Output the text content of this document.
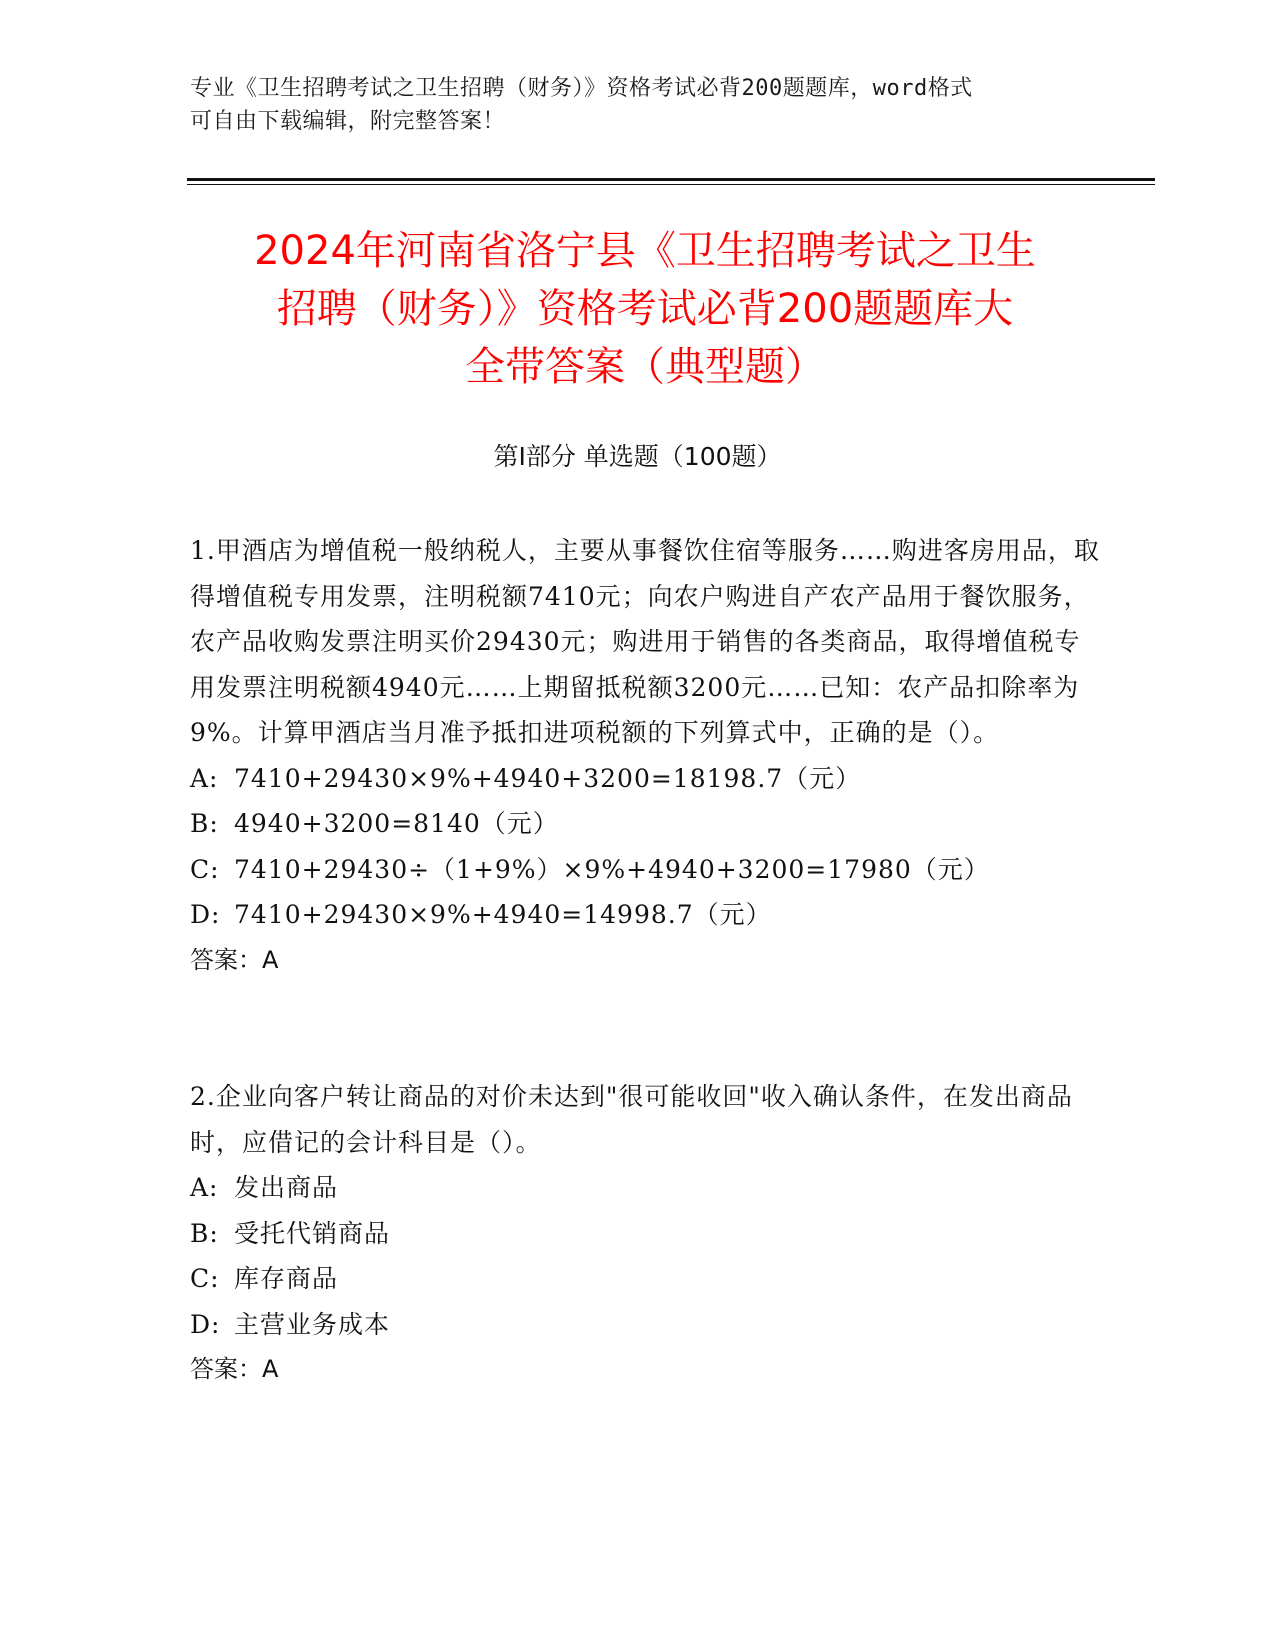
专业《卫生招聘考试之卫生招聘（财务）》资格考试必背200题题库，word格式
可自由下载编辑，附完整答案！
2024年河南省洛宁县《卫生招聘考试之卫生
招聘（财务）》资格考试必背200题题库大
全带答案（典型题）
第I部分 单选题（100题）

1.甲酒店为增值税一般纳税人，主要从事餐饮住宿等服务……购进客房用品，取得增值税专用发票，注明税额7410元；向农户购进自产农产品用于餐饮服务，农产品收购发票注明买价29430元；购进用于销售的各类商品，取得增值税专用发票注明税额4940元……上期留抵税额3200元……已知：农产品扣除率为9%。计算甲酒店当月准予抵扣进项税额的下列算式中，正确的是（）。

A: 7410+29430×9%+4940+3200=18198.7（元）
B: 4940+3200=8140（元）
C: 7410+29430÷（1+9%）×9%+4940+3200=17980（元）
D: 7410+29430×9%+4940=14998.7（元）
答案：A

2.企业向客户转让商品的对价未达到"很可能收回"收入确认条件，在发出商品时，应借记的会计科目是（）。

A: 发出商品
B: 受托代销商品
C: 库存商品
D: 主营业务成本
答案：A
